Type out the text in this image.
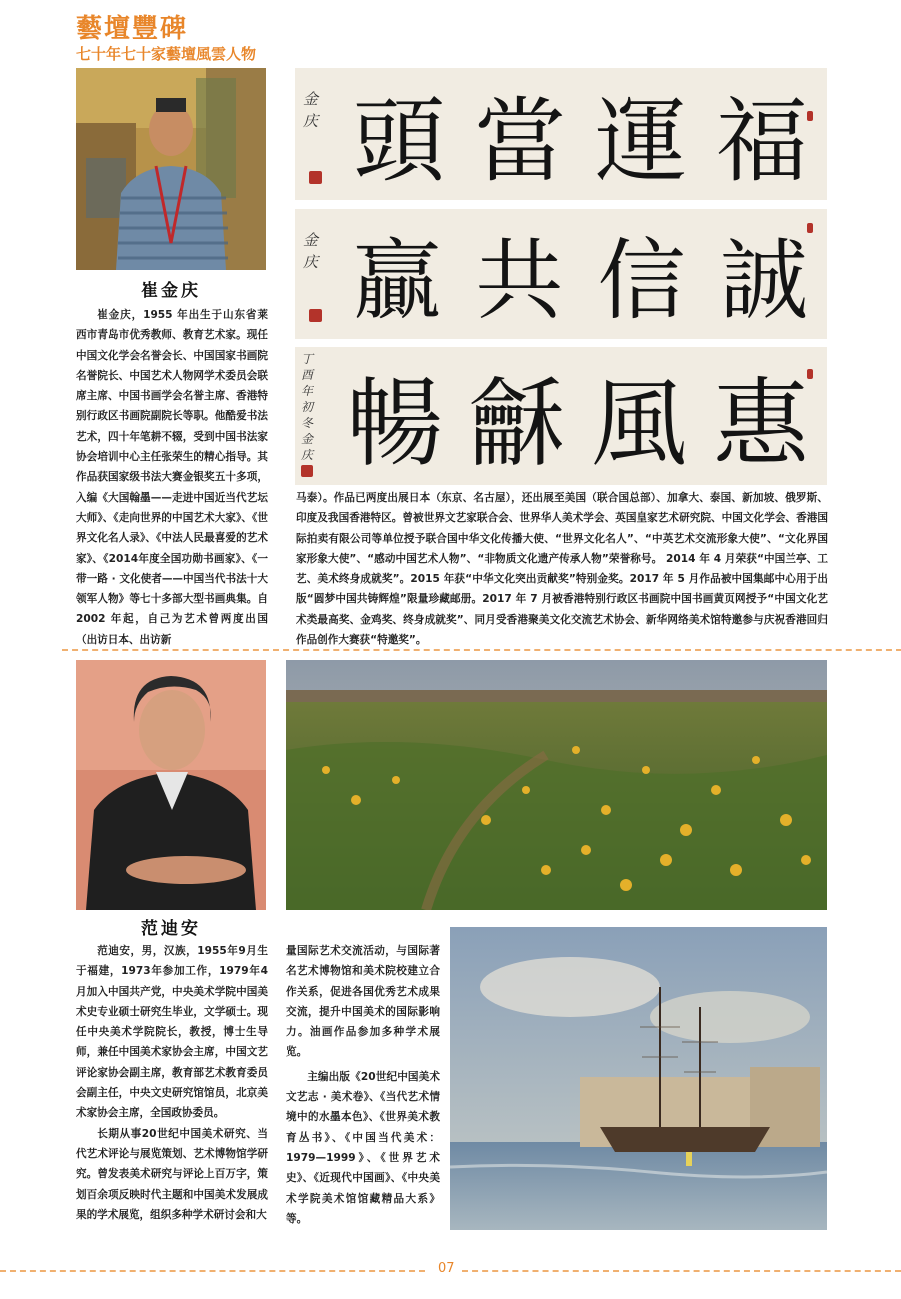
藝壇豐碑
七十年七十家藝壇風雲人物
崔金庆

崔金庆，1955 年出生于山东省莱西市青岛市优秀教师、教育艺术家。现任中国文化学会名誉会长、中国国家书画院名誉院长、中国艺术人物网学术委员会联席主席、中国书画学会名誉主席、香港特别行政区书画院副院长等职。他酷爱书法艺术，四十年笔耕不辍，受到中国书法家协会培训中心主任张荣生的精心指导。其作品获国家级书法大赛金银奖五十多项，入编《大国翰墨——走进中国近当代艺坛大师》、《走向世界的中国艺术大家》、《世界文化名人录》、《中法人民最喜爱的艺术家》、《2014年度全国功勋书画家》、《一带一路 · 文化使者——中国当代书法十大领军人物》等七十多部大型书画典集。自 2002 年起，自己为艺术曾两度出国（出访日本、出访新

金庆 頭 當 運 福
金庆 贏 共 信 誠
丁酉年初冬金庆 暢 龢 風 惠

马泰）。作品已两度出展日本（东京、名古屋），还出展至美国（联合国总部）、加拿大、泰国、新加坡、俄罗斯、印度及我国香港特区。曾被世界文艺家联合会、世界华人美术学会、英国皇家艺术研究院、中国文化学会、香港国际拍卖有限公司等单位授予联合国中华文化传播大使、“世界文化名人”、“中英艺术交流形象大使”、“文化界国家形象大使”、“感动中国艺术人物”、“非物质文化遗产传承人物”荣誉称号。 2014 年 4 月荣获“中国兰亭、工艺、美术终身成就奖”。2015 年获“中华文化突出贡献奖”特别金奖。2017 年 5 月作品被中国集邮中心用于出版“圆梦中国共铸辉煌”限量珍藏邮册。2017 年 7 月被香港特别行政区书画院中国书画黄页网授予“中国文化艺术类最高奖、金鸡奖、终身成就奖”、同月受香港聚美文化交流艺术协会、新华网络美术馆特邀参与庆祝香港回归作品创作大赛获“特邀奖”。

范迪安

范迪安，男，汉族，1955年9月生于福建，1973年参加工作，1979年4月加入中国共产党，中央美术学院中国美术史专业硕士研究生毕业，文学硕士。现任中央美术学院院长，教授，博士生导师，兼任中国美术家协会主席，中国文艺评论家协会副主席，教育部艺术教育委员会副主任，中央文史研究馆馆员，北京美术家协会主席，全国政协委员。

长期从事20世纪中国美术研究、当代艺术评论与展览策划、艺术博物馆学研究。曾发表美术研究与评论上百万字，策划百余项反映时代主题和中国美术发展成果的学术展览，组织多种学术研讨会和大

量国际艺术交流活动，与国际著名艺术博物馆和美术院校建立合作关系，促进各国优秀艺术成果交流，提升中国美术的国际影响力。油画作品参加多种学术展览。

主编出版《20世纪中国美术文艺志 · 美术卷》、《当代艺术情境中的水墨本色》、《世界美术教育丛书》、《中国当代美术：1979—1999》、《世界艺术史》、《近现代中国画》、《中央美术学院美术馆馆藏精品大系》等。

07
